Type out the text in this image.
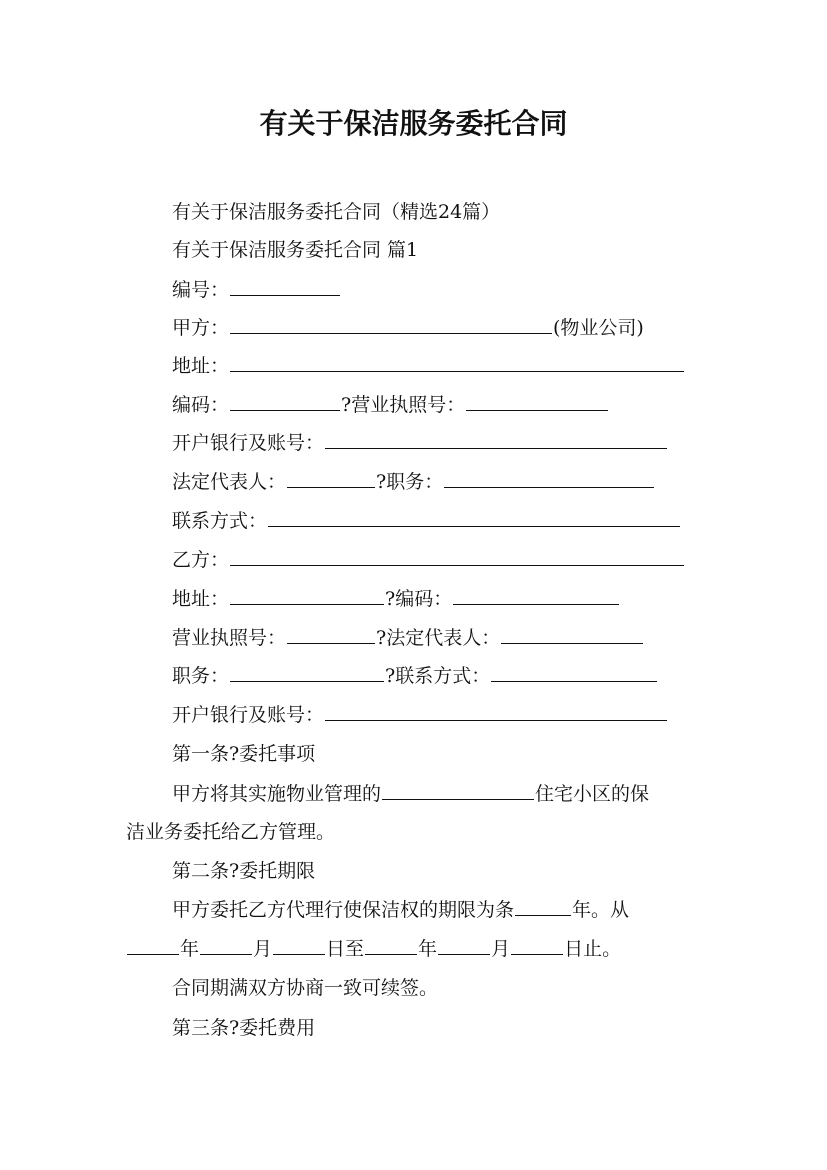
有关于保洁服务委托合同
有关于保洁服务委托合同（精选24篇）
有关于保洁服务委托合同 篇1
编号：
甲方：	(物业公司)
地址：
编码：	?营业执照号：
开户银行及账号：
法定代表人：	?职务：
联系方式：
乙方：
地址：	?编码：
营业执照号：	?法定代表人：
职务：	?联系方式：
开户银行及账号：
第一条?委托事项
甲方将其实施物业管理的	住宅小区的保
洁业务委托给乙方管理。
第二条?委托期限
甲方委托乙方代理行使保洁权的期限为条	年。从
年	月	日至	年	月	日止。
合同期满双方协商一致可续签。
第三条?委托费用
